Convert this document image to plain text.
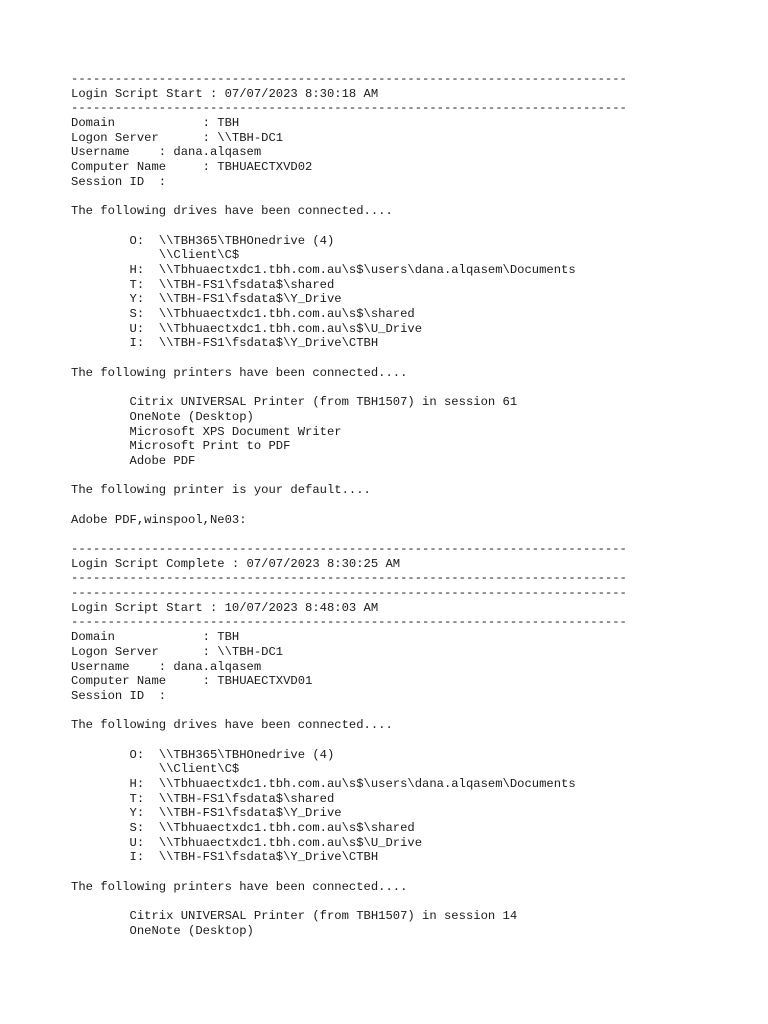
----------------------------------------------------------------------------
Login Script Start : 07/07/2023 8:30:18 AM
----------------------------------------------------------------------------
Domain            : TBH
Logon Server      : \\TBH-DC1
Username    : dana.alqasem
Computer Name     : TBHUAECTXVD02
Session ID  :
The following drives have been connected....
O:  \\TBH365\TBHOnedrive (4)
\\Client\C$
H:  \\Tbhuaectxdc1.tbh.com.au\s$\users\dana.alqasem\Documents
T:  \\TBH-FS1\fsdata$\shared
Y:  \\TBH-FS1\fsdata$\Y_Drive
S:  \\Tbhuaectxdc1.tbh.com.au\s$\shared
U:  \\Tbhuaectxdc1.tbh.com.au\s$\U_Drive
I:  \\TBH-FS1\fsdata$\Y_Drive\CTBH
The following printers have been connected....
Citrix UNIVERSAL Printer (from TBH1507) in session 61
OneNote (Desktop)
Microsoft XPS Document Writer
Microsoft Print to PDF
Adobe PDF
The following printer is your default....
Adobe PDF,winspool,Ne03:
----------------------------------------------------------------------------
Login Script Complete : 07/07/2023 8:30:25 AM
----------------------------------------------------------------------------
----------------------------------------------------------------------------
Login Script Start : 10/07/2023 8:48:03 AM
----------------------------------------------------------------------------
Domain            : TBH
Logon Server      : \\TBH-DC1
Username    : dana.alqasem
Computer Name     : TBHUAECTXVD01
Session ID  :
The following drives have been connected....
O:  \\TBH365\TBHOnedrive (4)
\\Client\C$
H:  \\Tbhuaectxdc1.tbh.com.au\s$\users\dana.alqasem\Documents
T:  \\TBH-FS1\fsdata$\shared
Y:  \\TBH-FS1\fsdata$\Y_Drive
S:  \\Tbhuaectxdc1.tbh.com.au\s$\shared
U:  \\Tbhuaectxdc1.tbh.com.au\s$\U_Drive
I:  \\TBH-FS1\fsdata$\Y_Drive\CTBH
The following printers have been connected....
Citrix UNIVERSAL Printer (from TBH1507) in session 14
OneNote (Desktop)
